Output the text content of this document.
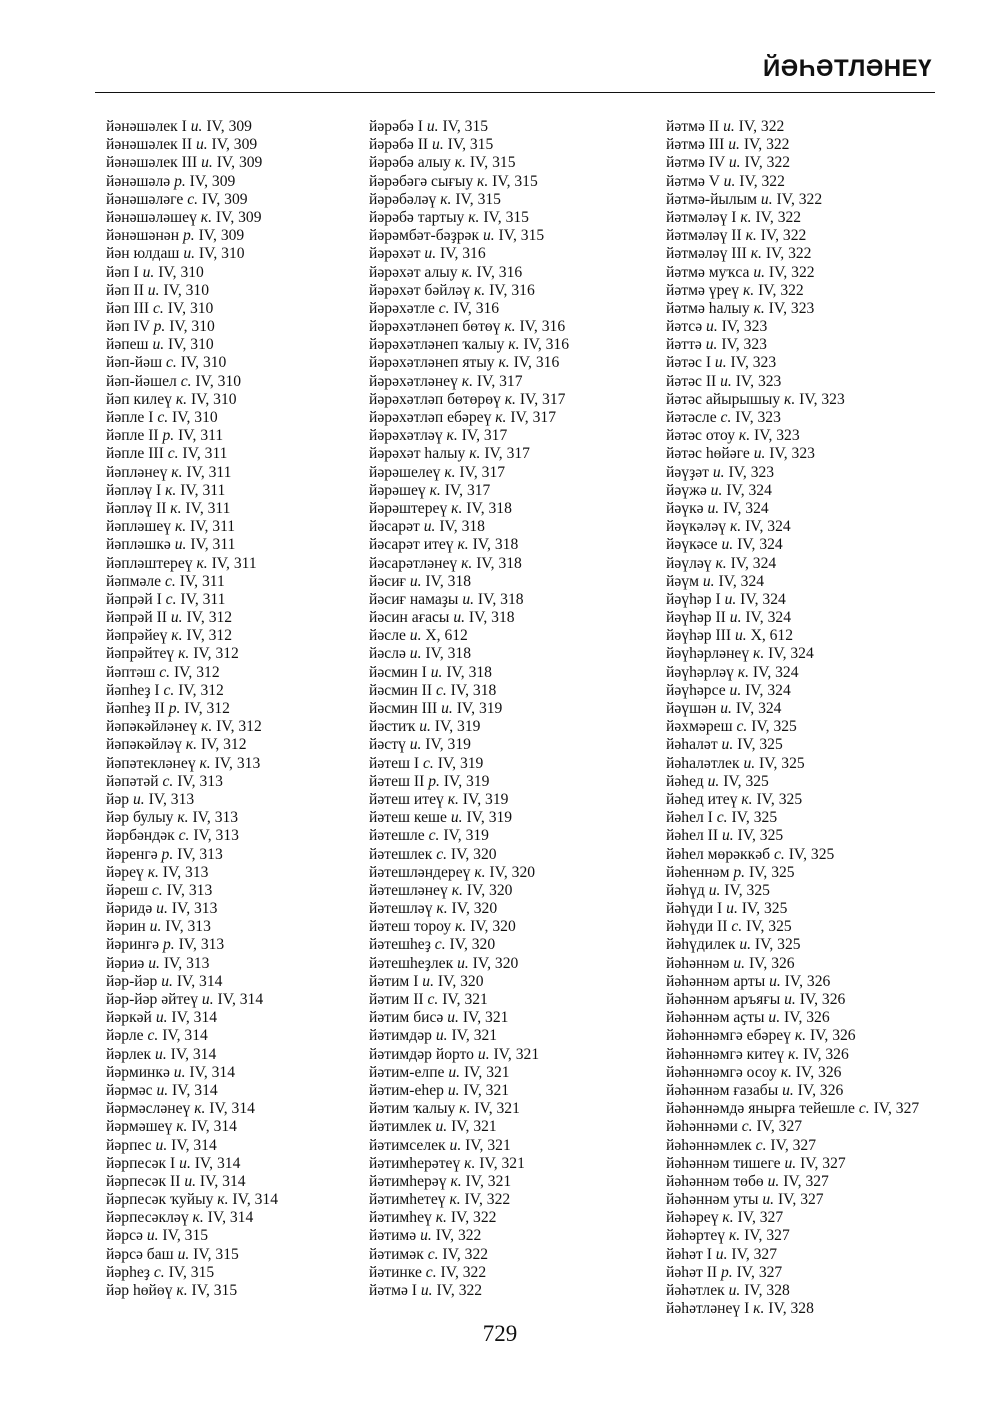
ЙӘҺӘТЛӘНЕҮ
йәнәшәлек I и. IV, 309
йәнәшәлек II и. IV, 309
йәнәшәлек III и. IV, 309
йәнәшәлә р. IV, 309
йәнәшәләге с. IV, 309
йәнәшәләшеү к. IV, 309
йәнәшәнән р. IV, 309
йән юлдаш и. IV, 310
йәп I и. IV, 310
йәп II и. IV, 310
йәп III с. IV, 310
йәп IV р. IV, 310
йәпеш и. IV, 310
йәп-йәш с. IV, 310
йәп-йәшел с. IV, 310
йәп килеү к. IV, 310
йәпле I с. IV, 310
йәпле II р. IV, 311
йәпле III с. IV, 311
йәпләнеү к. IV, 311
йәпләү I к. IV, 311
йәпләү II к. IV, 311
йәпләшеү к. IV, 311
йәпләшкә и. IV, 311
йәпләштереү к. IV, 311
йәпмәле с. IV, 311
йәпрәй I с. IV, 311
йәпрәй II и. IV, 312
йәпрәйеү к. IV, 312
йәпрәйтеү к. IV, 312
йәптәш с. IV, 312
йәпһеҙ I с. IV, 312
йәпһеҙ II р. IV, 312
йәпәкәйләнеү к. IV, 312
йәпәкәйләү к. IV, 312
йәпәтекләнеү к. IV, 313
йәпәтәй с. IV, 313
йәр и. IV, 313
йәр булыу к. IV, 313
йәрбәндәк с. IV, 313
йәренгә р. IV, 313
йәреү к. IV, 313
йәреш с. IV, 313
йәридә и. IV, 313
йәрин и. IV, 313
йәрингә р. IV, 313
йәриә и. IV, 313
йәр-йәр и. IV, 314
йәр-йәр әйтеү и. IV, 314
йәркәй и. IV, 314
йәрле с. IV, 314
йәрлек и. IV, 314
йәрминкә и. IV, 314
йәрмәс и. IV, 314
йәрмәсләнеү к. IV, 314
йәрмәшеү к. IV, 314
йәрпес и. IV, 314
йәрпесәк I и. IV, 314
йәрпесәк II и. IV, 314
йәрпесәк ҡуйыу к. IV, 314
йәрпесәкләү к. IV, 314
йәрсә и. IV, 315
йәрсә баш и. IV, 315
йәрһеҙ с. IV, 315
йәр һөйөү к. IV, 315
йәрәбә I и. IV, 315
йәрәбә II и. IV, 315
йәрәбә алыу к. IV, 315
йәрәбәгә сығыу к. IV, 315
йәрәбәләү к. IV, 315
йәрәбә тартыу к. IV, 315
йәрәмбәт-бәҙрәк и. IV, 315
йәрәхәт и. IV, 316
йәрәхәт алыу к. IV, 316
йәрәхәт бәйләү к. IV, 316
йәрәхәтле с. IV, 316
йәрәхәтләнеп бөтөү к. IV, 316
йәрәхәтләнеп ҡалыу к. IV, 316
йәрәхәтләнеп ятыу к. IV, 316
йәрәхәтләнеү к. IV, 317
йәрәхәтләп бөтөрөү к. IV, 317
йәрәхәтләп ебәреү к. IV, 317
йәрәхәтләү к. IV, 317
йәрәхәт һалыу к. IV, 317
йәрәшелеү к. IV, 317
йәрәшеү к. IV, 317
йәрәштереү к. IV, 318
йәсарәт и. IV, 318
йәсарәт итеү к. IV, 318
йәсарәтләнеү к. IV, 318
йәсиғ и. IV, 318
йәсиғ намаҙы и. IV, 318
йәсин ағасы и. IV, 318
йәсле и. X, 612
йәслә и. IV, 318
йәсмин I и. IV, 318
йәсмин II с. IV, 318
йәсмин III и. IV, 319
йәстиҡ и. IV, 319
йәстү и. IV, 319
йәтеш I с. IV, 319
йәтеш II р. IV, 319
йәтеш итеү к. IV, 319
йәтеш кеше и. IV, 319
йәтешле с. IV, 319
йәтешлек с. IV, 320
йәтешләндереү к. IV, 320
йәтешләнеү к. IV, 320
йәтешләү к. IV, 320
йәтеш тороу к. IV, 320
йәтешһеҙ с. IV, 320
йәтешһеҙлек и. IV, 320
йәтим I и. IV, 320
йәтим II с. IV, 321
йәтим бисә и. IV, 321
йәтимдәр и. IV, 321
йәтимдәр йорто и. IV, 321
йәтим-елпе и. IV, 321
йәтим-еһер и. IV, 321
йәтим ҡалыу к. IV, 321
йәтимлек и. IV, 321
йәтимселек и. IV, 321
йәтимһерәтеү к. IV, 321
йәтимһерәү к. IV, 321
йәтимһетеү к. IV, 322
йәтимһеү к. IV, 322
йәтимә и. IV, 322
йәтимәк с. IV, 322
йәтинке с. IV, 322
йәтмә I и. IV, 322
йәтмә II и. IV, 322
йәтмә III и. IV, 322
йәтмә IV и. IV, 322
йәтмә V и. IV, 322
йәтмә-йылым и. IV, 322
йәтмәләү I к. IV, 322
йәтмәләү II к. IV, 322
йәтмәләү III к. IV, 322
йәтмә муҡса и. IV, 322
йәтмә үреү к. IV, 322
йәтмә һалыу к. IV, 323
йәтсә и. IV, 323
йәттә и. IV, 323
йәтәс I и. IV, 323
йәтәс II и. IV, 323
йәтәс айырышыу к. IV, 323
йәтәсле с. IV, 323
йәтәс отоу к. IV, 323
йәтәс һөйәге и. IV, 323
йәүҙәт и. IV, 323
йәүжә и. IV, 324
йәүкә и. IV, 324
йәүкәләү к. IV, 324
йәүкәсе и. IV, 324
йәүләү к. IV, 324
йәүм и. IV, 324
йәүһәр I и. IV, 324
йәүһәр II и. IV, 324
йәүһәр III и. X, 612
йәүһәрләнеү к. IV, 324
йәүһәрләү к. IV, 324
йәүһәрсе и. IV, 324
йәүшән и. IV, 324
йәхмәреш с. IV, 325
йәһаләт и. IV, 325
йәһаләтлек и. IV, 325
йәһед и. IV, 325
йәһед итеү к. IV, 325
йәһел I с. IV, 325
йәһел II и. IV, 325
йәһел мөрәккәб с. IV, 325
йәһеннәм р. IV, 325
йәһүд и. IV, 325
йәһүди I и. IV, 325
йәһүди II с. IV, 325
йәһүдилек и. IV, 325
йәһәннәм и. IV, 326
йәһәннәм арты и. IV, 326
йәһәннәм аръяғы и. IV, 326
йәһәннәм аҫты и. IV, 326
йәһәннәмгә ебәреү к. IV, 326
йәһәннәмгә китеү к. IV, 326
йәһәннәмгә осоу к. IV, 326
йәһәннәм ғазабы и. IV, 326
йәһәннәмдә янырға тейешле с. IV, 327
йәһәннәми с. IV, 327
йәһәннәмлек с. IV, 327
йәһәннәм тишеге и. IV, 327
йәһәннәм төбө и. IV, 327
йәһәннәм уты и. IV, 327
йәһәреү к. IV, 327
йәһәртеү к. IV, 327
йәһәт I и. IV, 327
йәһәт II р. IV, 327
йәһәтлек и. IV, 328
йәһәтләнеү I к. IV, 328
729
